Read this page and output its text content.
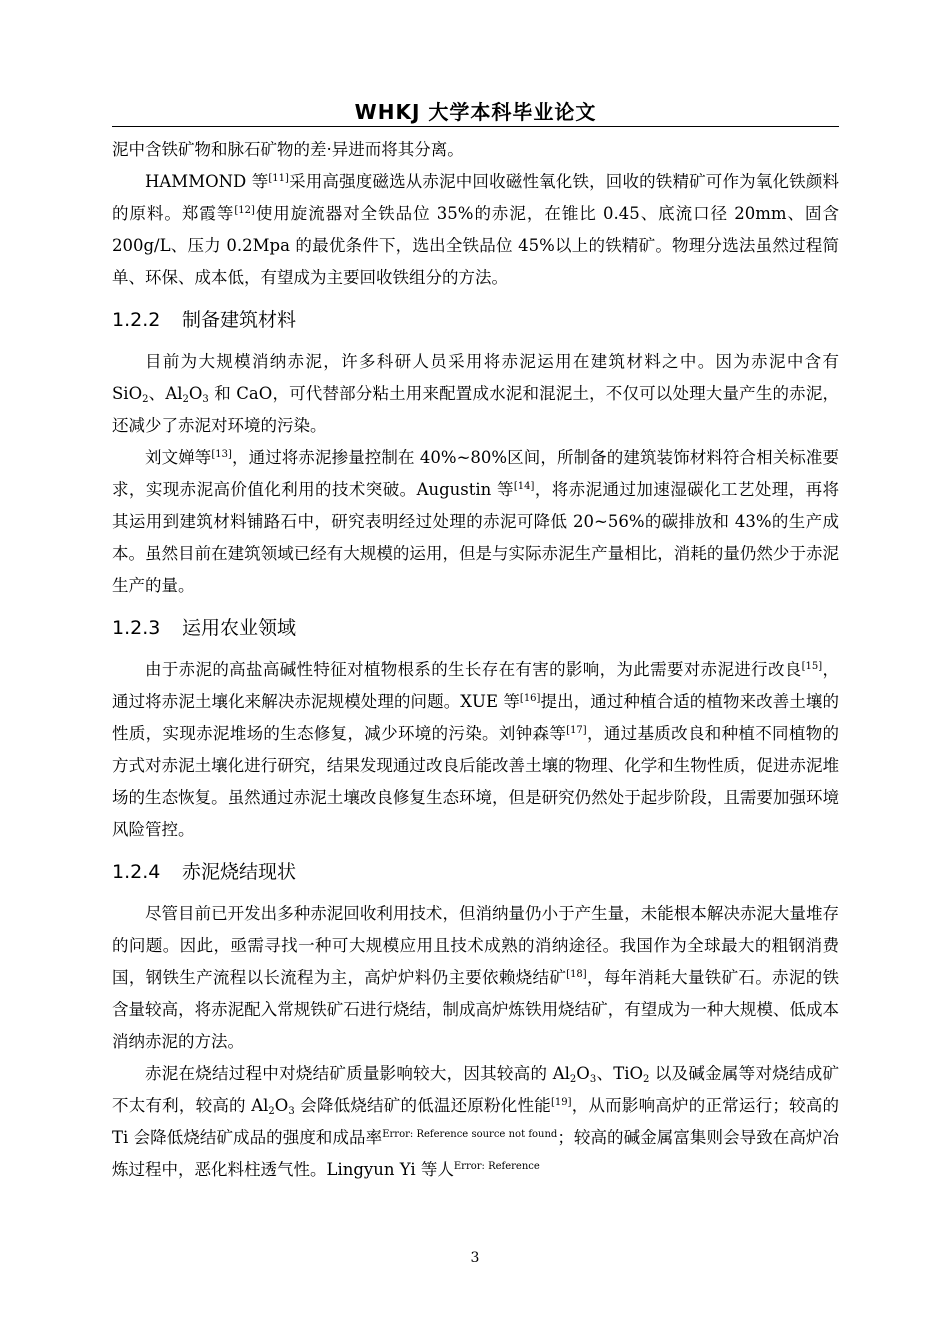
WHKJ 大学本科毕业论文

泥中含铁矿物和脉石矿物的差·异进而将其分离。

HAMMOND 等[11]采用高强度磁选从赤泥中回收磁性氧化铁，回收的铁精矿可作为氧化铁颜料的原料。郑霞等[12]使用旋流器对全铁品位 35%的赤泥，在锥比 0.45、底流口径 20mm、固含 200g/L、压力 0.2Mpa 的最优条件下，选出全铁品位 45%以上的铁精矿。物理分选法虽然过程简单、环保、成本低，有望成为主要回收铁组分的方法。

1.2.2 制备建筑材料

目前为大规模消纳赤泥，许多科研人员采用将赤泥运用在建筑材料之中。因为赤泥中含有 SiO$_2$、$Al_2O_3$ 和 CaO，可代替部分粘土用来配置成水泥和混泥土，不仅可以处理大量产生的赤泥，还减少了赤泥对环境的污染。

刘文婵等[13]，通过将赤泥掺量控制在 40%~80%区间，所制备的建筑装饰材料符合相关标准要求，实现赤泥高价值化利用的技术突破。Augustin 等[14]，将赤泥通过加速湿碳化工艺处理，再将其运用到建筑材料铺路石中，研究表明经过处理的赤泥可降低 20~56%的碳排放和 43%的生产成本。虽然目前在建筑领域已经有大规模的运用，但是与实际赤泥生产量相比，消耗的量仍然少于赤泥生产的量。

1.2.3 运用农业领域

由于赤泥的高盐高碱性特征对植物根系的生长存在有害的影响，为此需要对赤泥进行改良[15]，通过将赤泥土壤化来解决赤泥规模处理的问题。XUE 等[16]提出，通过种植合适的植物来改善土壤的性质，实现赤泥堆场的生态修复，减少环境的污染。刘钟森等[17]，通过基质改良和种植不同植物的方式对赤泥土壤化进行研究，结果发现通过改良后能改善土壤的物理、化学和生物性质，促进赤泥堆场的生态恢复。虽然通过赤泥土壤改良修复生态环境，但是研究仍然处于起步阶段，且需要加强环境风险管控。

1.2.4 赤泥烧结现状

尽管目前已开发出多种赤泥回收利用技术，但消纳量仍小于产生量，未能根本解决赤泥大量堆存的问题。因此，亟需寻找一种可大规模应用且技术成熟的消纳途径。我国作为全球最大的粗钢消费国，钢铁生产流程以长流程为主，高炉炉料仍主要依赖烧结矿[18]，每年消耗大量铁矿石。赤泥的铁含量较高，将赤泥配入常规铁矿石进行烧结，制成高炉炼铁用烧结矿，有望成为一种大规模、低成本消纳赤泥的方法。

赤泥在烧结过程中对烧结矿质量影响较大，因其较高的 $Al_2O_3$、TiO$_2$ 以及碱金属等对烧结成矿不太有利，较高的 $Al_2O_3$ 会降低烧结矿的低温还原粉化性能[19]，从而影响高炉的正常运行；较高的 Ti 会降低烧结矿成品的强度和成品率$^{Error: Reference source not found}$；较高的碱金属富集则会导致在高炉冶炼过程中，恶化料柱透气性。Lingyun Yi 等人$^{Error: Reference}$

3
